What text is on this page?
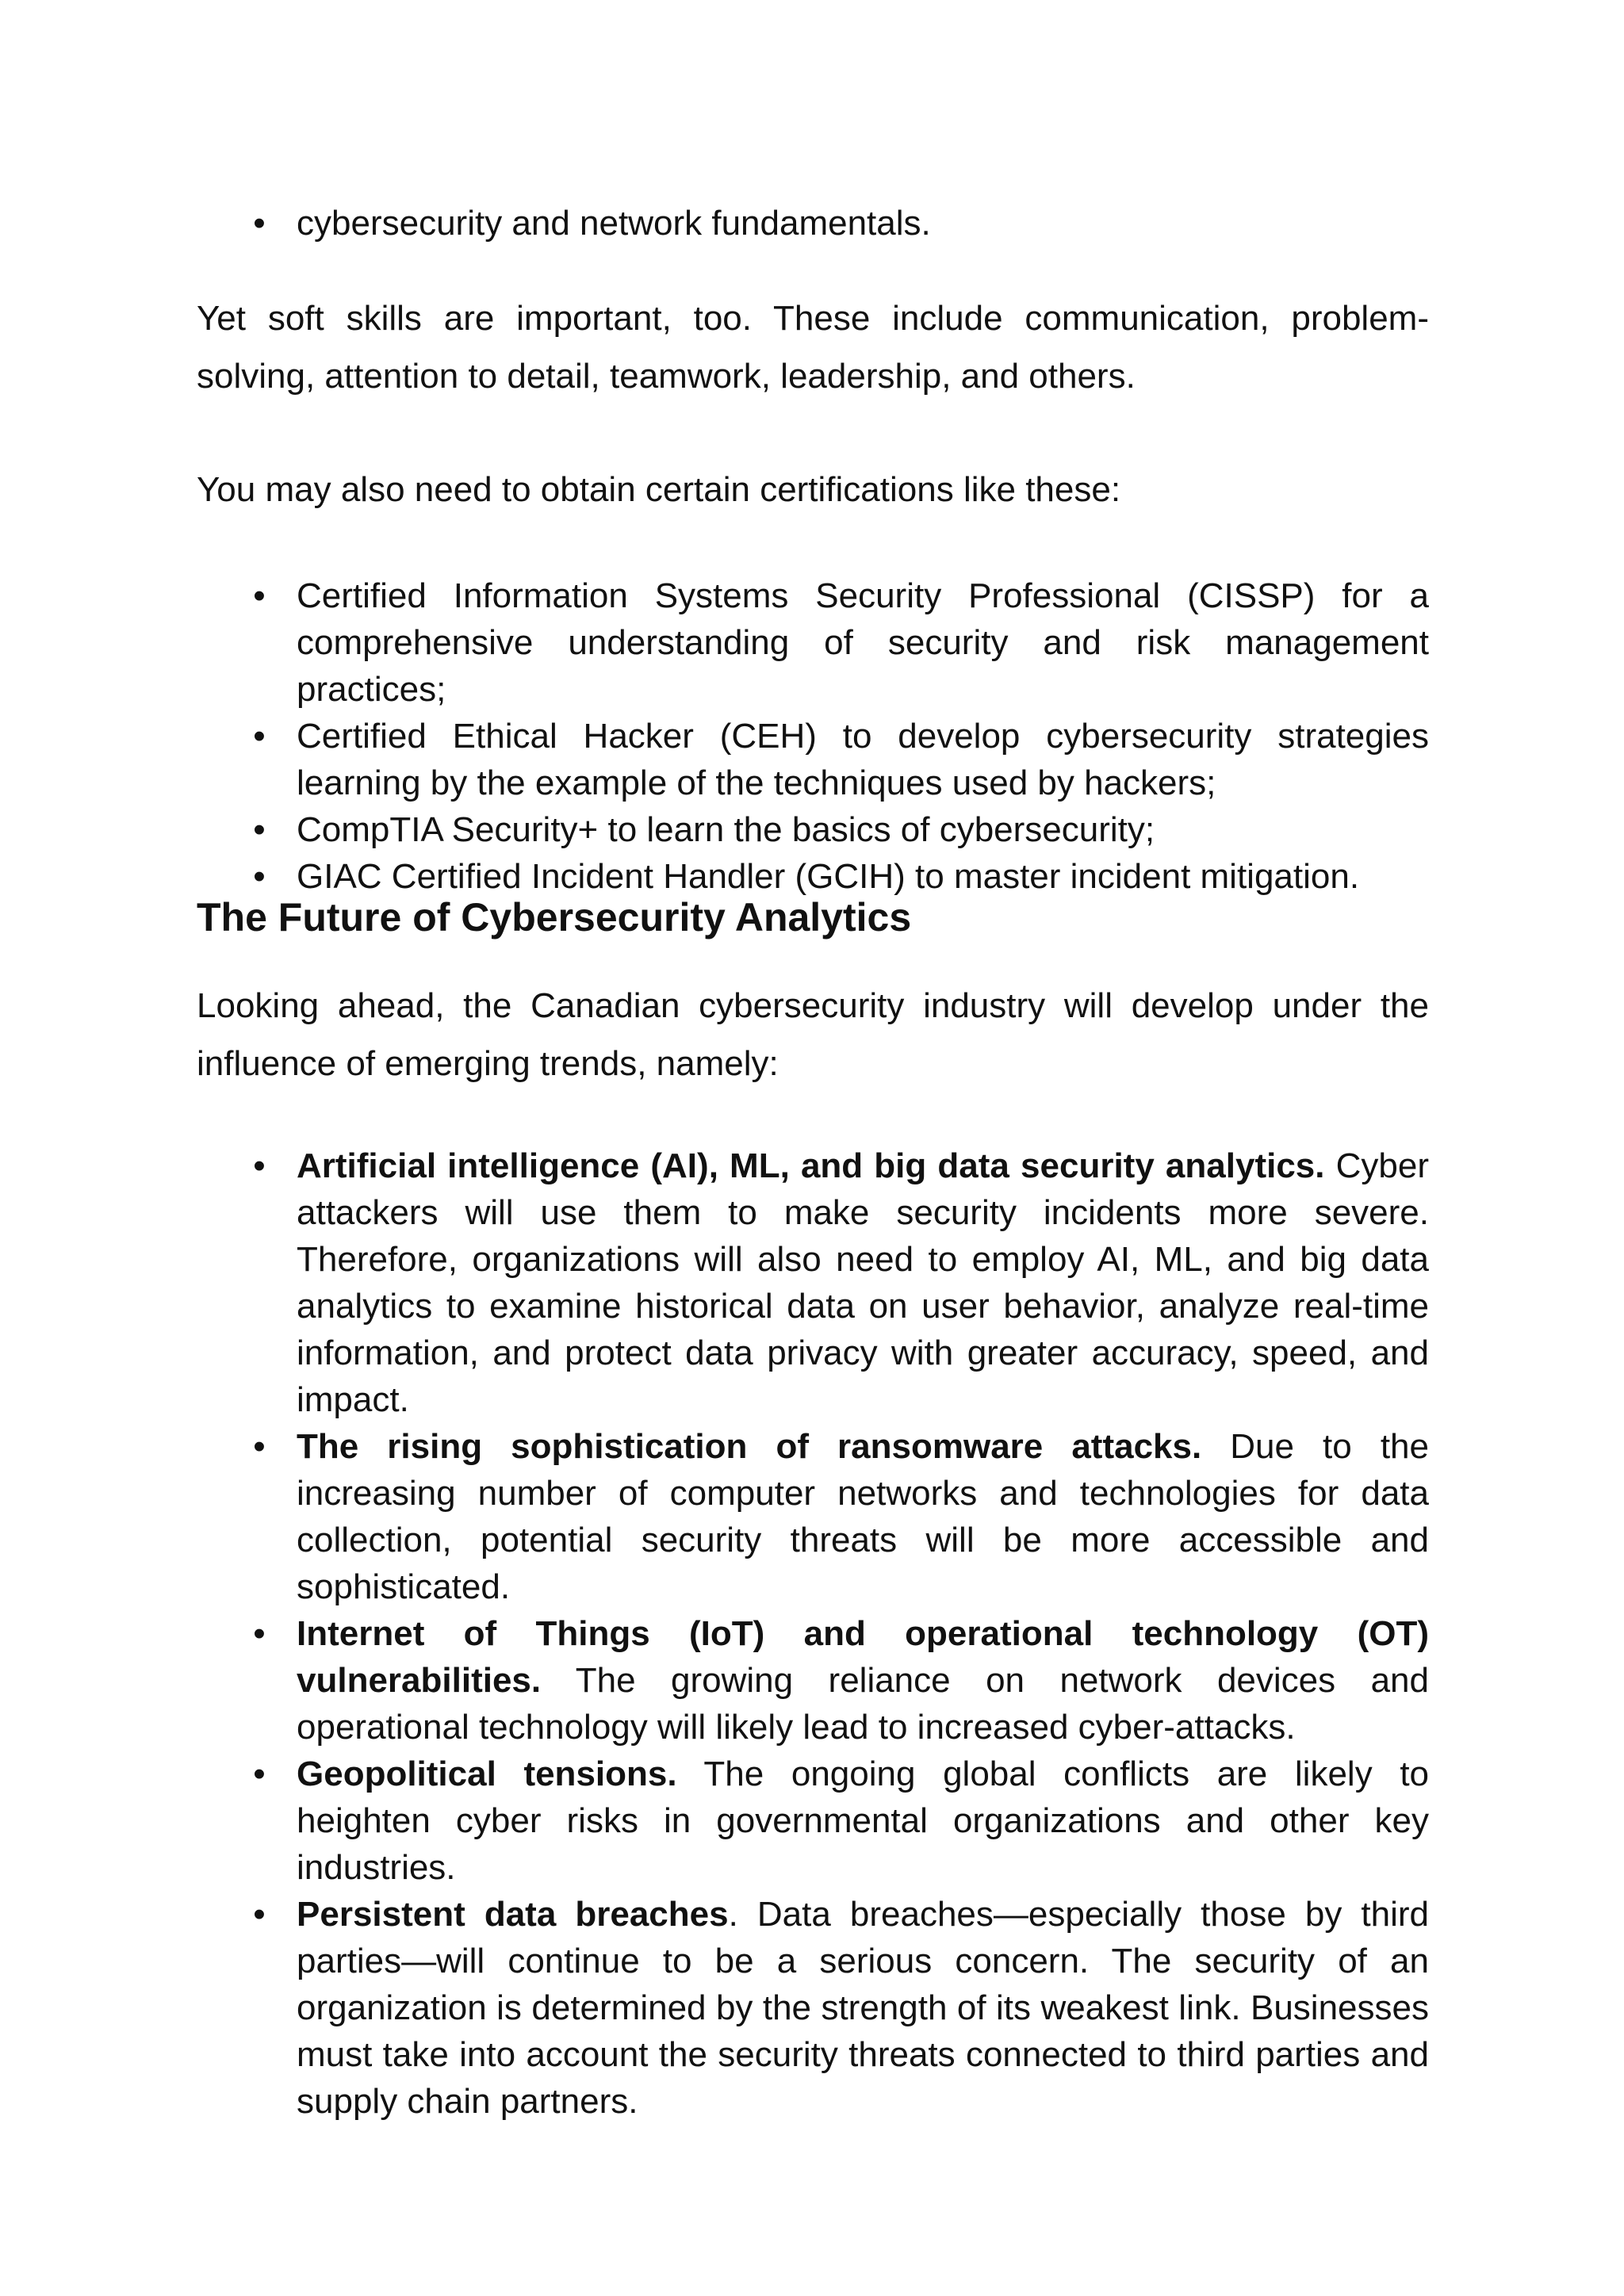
• cybersecurity and network fundamentals.

Yet soft skills are important, too. These include communication, problem-solving, attention to detail, teamwork, leadership, and others.

You may also need to obtain certain certifications like these:

• Certified Information Systems Security Professional (CISSP) for a comprehensive understanding of security and risk management practices;
• Certified Ethical Hacker (CEH) to develop cybersecurity strategies learning by the example of the techniques used by hackers;
• CompTIA Security+ to learn the basics of cybersecurity;
• GIAC Certified Incident Handler (GCIH) to master incident mitigation.
The Future of Cybersecurity Analytics

Looking ahead, the Canadian cybersecurity industry will develop under the influence of emerging trends, namely:

• Artificial intelligence (AI), ML, and big data security analytics. Cyber attackers will use them to make security incidents more severe. Therefore, organizations will also need to employ AI, ML, and big data analytics to examine historical data on user behavior, analyze real-time information, and protect data privacy with greater accuracy, speed, and impact.
• The rising sophistication of ransomware attacks. Due to the increasing number of computer networks and technologies for data collection, potential security threats will be more accessible and sophisticated.
• Internet of Things (IoT) and operational technology (OT) vulnerabilities. The growing reliance on network devices and operational technology will likely lead to increased cyber-attacks.
• Geopolitical tensions. The ongoing global conflicts are likely to heighten cyber risks in governmental organizations and other key industries.
• Persistent data breaches. Data breaches—especially those by third parties—will continue to be a serious concern. The security of an organization is determined by the strength of its weakest link. Businesses must take into account the security threats connected to third parties and supply chain partners.
